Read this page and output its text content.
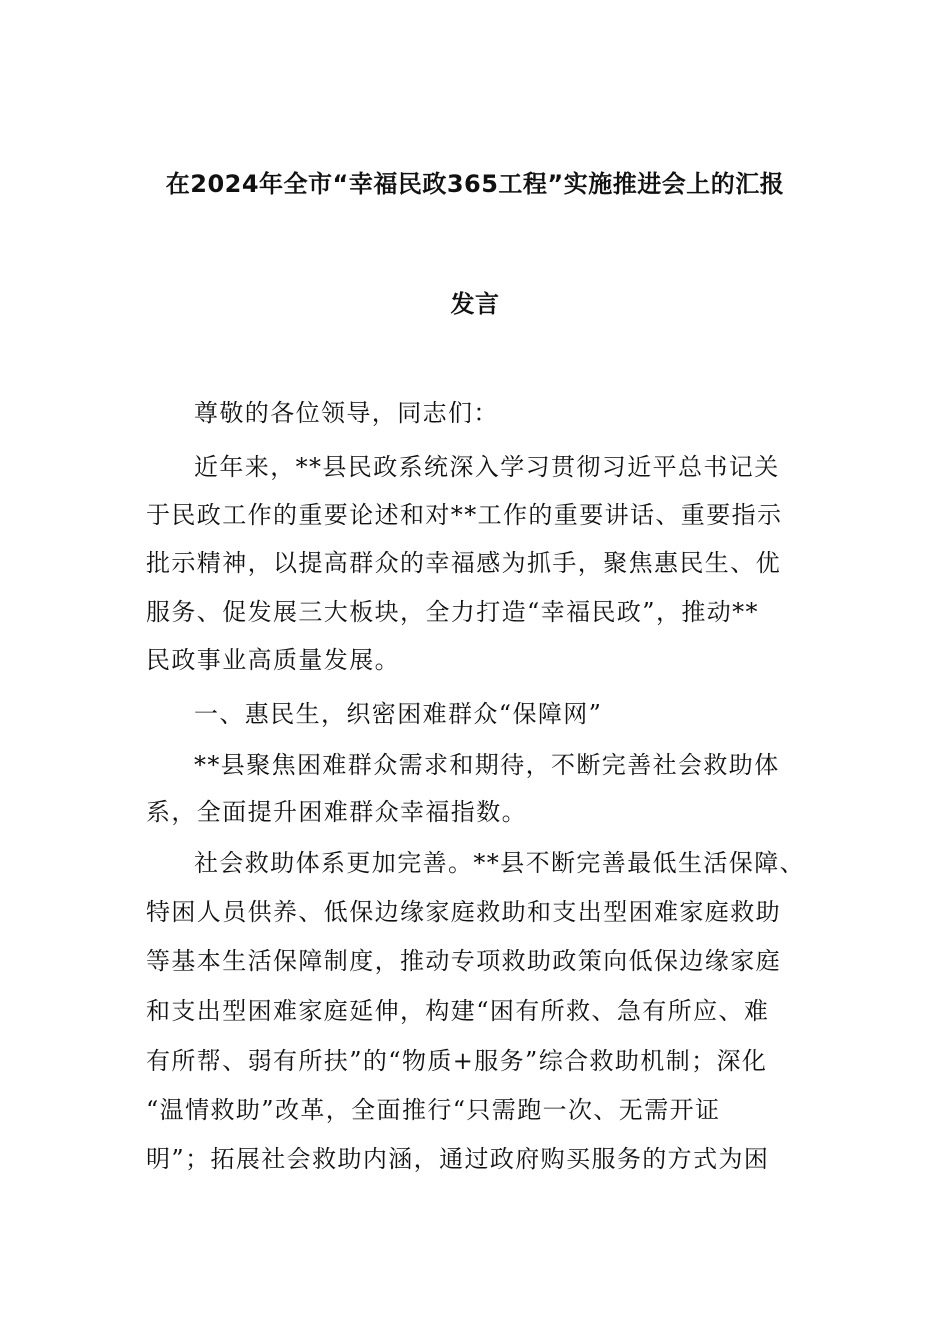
在2024年全市“幸福民政365工程”实施推进会上的汇报
发言
尊敬的各位领导，同志们：
近年来，**县民政系统深入学习贯彻习近平总书记关
于民政工作的重要论述和对**工作的重要讲话、重要指示
批示精神，以提高群众的幸福感为抓手，聚焦惠民生、优
服务、促发展三大板块，全力打造“幸福民政”，推动**
民政事业高质量发展。
一、惠民生，织密困难群众“保障网”
**县聚焦困难群众需求和期待，不断完善社会救助体
系，全面提升困难群众幸福指数。
社会救助体系更加完善。**县不断完善最低生活保障、
特困人员供养、低保边缘家庭救助和支出型困难家庭救助
等基本生活保障制度，推动专项救助政策向低保边缘家庭
和支出型困难家庭延伸，构建“困有所救、急有所应、难
有所帮、弱有所扶”的“物质+服务”综合救助机制；深化
“温情救助”改革，全面推行“只需跑一次、无需开证
明”；拓展社会救助内涵，通过政府购买服务的方式为困
